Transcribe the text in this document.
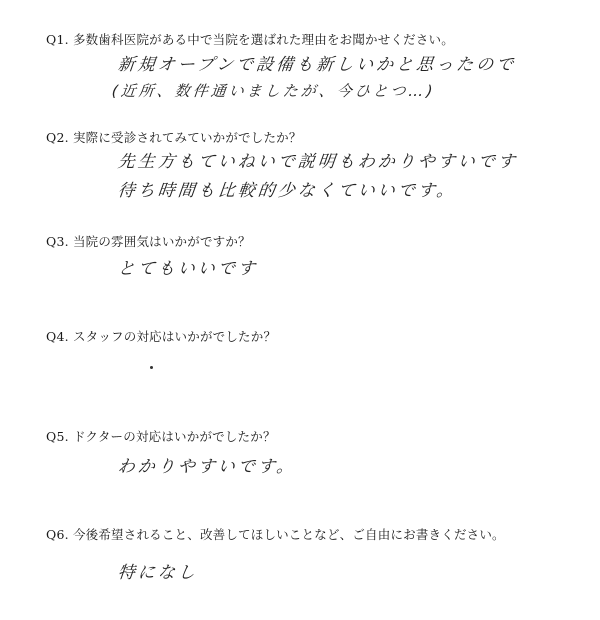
Q1. 多数歯科医院がある中で当院を選ばれた理由をお聞かせください。
新規オープンで設備も新しいかと思ったので
(近所、数件通いましたが、今ひとつ…)
Q2. 実際に受診されてみていかがでしたか？
先生方もていねいで説明もわかりやすいです
待ち時間も比較的少なくていいです。
Q3. 当院の雰囲気はいかがですか？
とてもいいです
Q4. スタッフの対応はいかがでしたか？
Q5. ドクターの対応はいかがでしたか？
わかりやすいです。
Q6. 今後希望されること、改善してほしいことなど、ご自由にお書きください。
特になし
